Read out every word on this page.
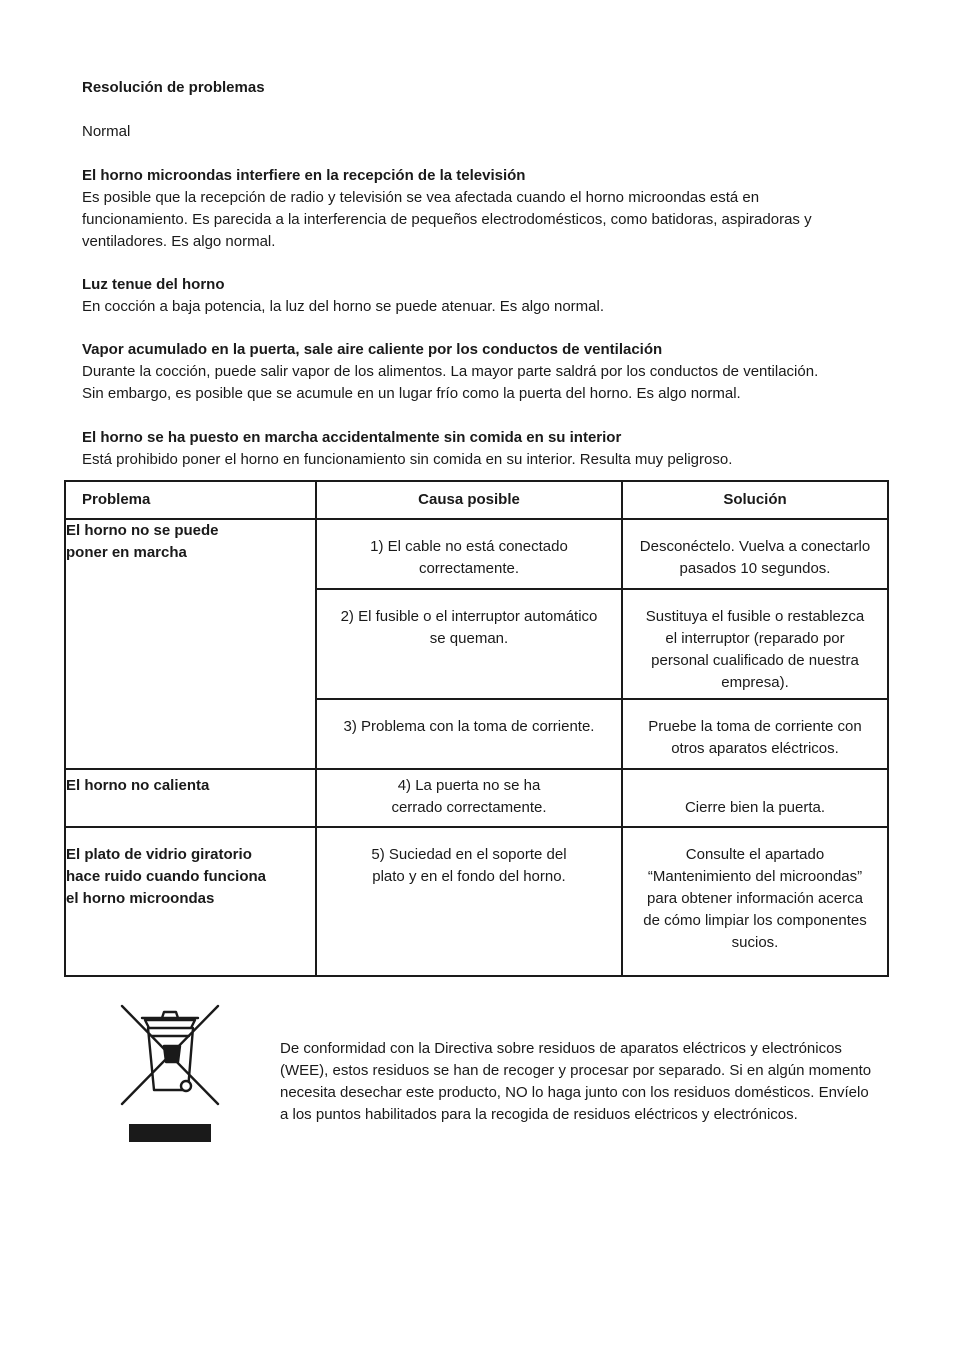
Resolución de problemas
Normal
El horno microondas interfiere en la recepción de la televisión

Es posible que la recepción de radio y televisión se vea afectada cuando el horno microondas está en funcionamiento. Es parecida a la interferencia de pequeños electrodomésticos, como batidoras, aspiradoras y ventiladores. Es algo normal.

Luz tenue del horno

En cocción a baja potencia, la luz del horno se puede atenuar. Es algo normal.

Vapor acumulado en la puerta, sale aire caliente por los conductos de ventilación

Durante la cocción, puede salir vapor de los alimentos. La mayor parte saldrá por los conductos de ventilación. Sin embargo, es posible que se acumule en un lugar frío como la puerta del horno. Es algo normal.

El horno se ha puesto en marcha accidentalmente sin comida en su interior

Está prohibido poner el horno en funcionamiento sin comida en su interior. Resulta muy peligroso.

Problema	Causa posible	Solución

El horno no se puede poner en marcha	1) El cable no está conectado correctamente.	Desconéctelo. Vuelva a conectarlo pasados 10 segundos.

	2) El fusible o el interruptor automático se queman.	Sustituya el fusible o restablezca el interruptor (reparado por personal cualificado de nuestra empresa).

	3) Problema con la toma de corriente.	Pruebe la toma de corriente con otros aparatos eléctricos.

El horno no calienta	4) La puerta no se ha cerrado correctamente.	Cierre bien la puerta.

El plato de vidrio giratorio hace ruido cuando funciona el horno microondas	5) Suciedad en el soporte del plato y en el fondo del horno.	Consulte el apartado “Mantenimiento del microondas” para obtener información acerca de cómo limpiar los componentes sucios.

De conformidad con la Directiva sobre residuos de aparatos eléctricos y electrónicos (WEE), estos residuos se han de recoger y procesar por separado. Si en algún momento necesita desechar este producto, NO lo haga junto con los residuos domésticos. Envíelo a los puntos habilitados para la recogida de residuos eléctricos y electrónicos.
